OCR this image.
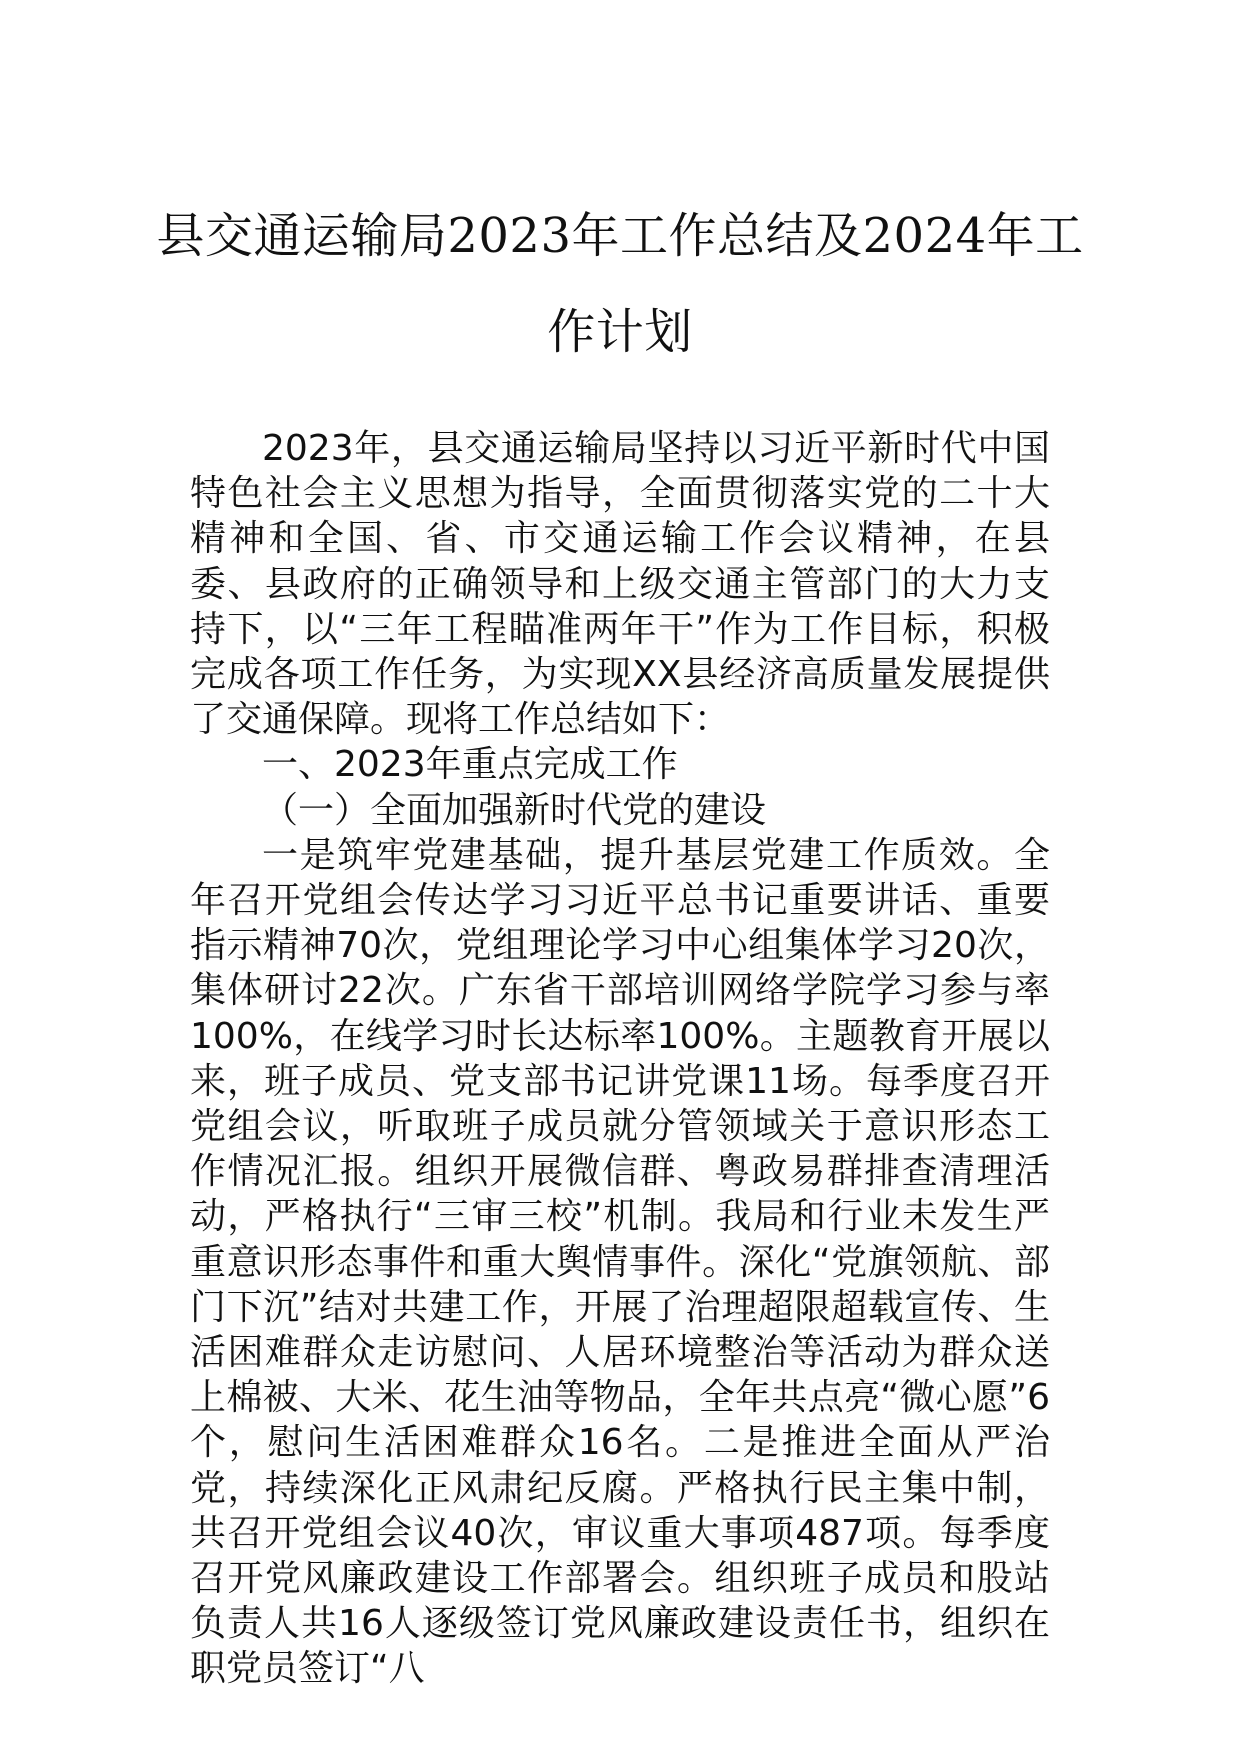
县交通运输局2023年工作总结及2024年工作计划

2023年，县交通运输局坚持以习近平新时代中国特色社会主义思想为指导，全面贯彻落实党的二十大精神和全国、省、市交通运输工作会议精神，在县委、县政府的正确领导和上级交通主管部门的大力支持下，以“三年工程瞄准两年干”作为工作目标，积极完成各项工作任务，为实现XX县经济高质量发展提供了交通保障。现将工作总结如下：

一、2023年重点完成工作

（一）全面加强新时代党的建设

一是筑牢党建基础，提升基层党建工作质效。全年召开党组会传达学习习近平总书记重要讲话、重要指示精神70次，党组理论学习中心组集体学习20次，集体研讨22次。广东省干部培训网络学院学习参与率100%，在线学习时长达标率100%。主题教育开展以来，班子成员、党支部书记讲党课11场。每季度召开党组会议，听取班子成员就分管领域关于意识形态工作情况汇报。组织开展微信群、粤政易群排查清理活动，严格执行“三审三校”机制。我局和行业未发生严重意识形态事件和重大舆情事件。深化“党旗领航、部门下沉”结对共建工作，开展了治理超限超载宣传、生活困难群众走访慰问、人居环境整治等活动为群众送上棉被、大米、花生油等物品，全年共点亮“微心愿”6个，慰问生活困难群众16名。二是推进全面从严治党，持续深化正风肃纪反腐。严格执行民主集中制，共召开党组会议40次，审议重大事项487项。每季度召开党风廉政建设工作部署会。组织班子成员和股站负责人共16人逐级签订党风廉政建设责任书，组织在职党员签订“八
